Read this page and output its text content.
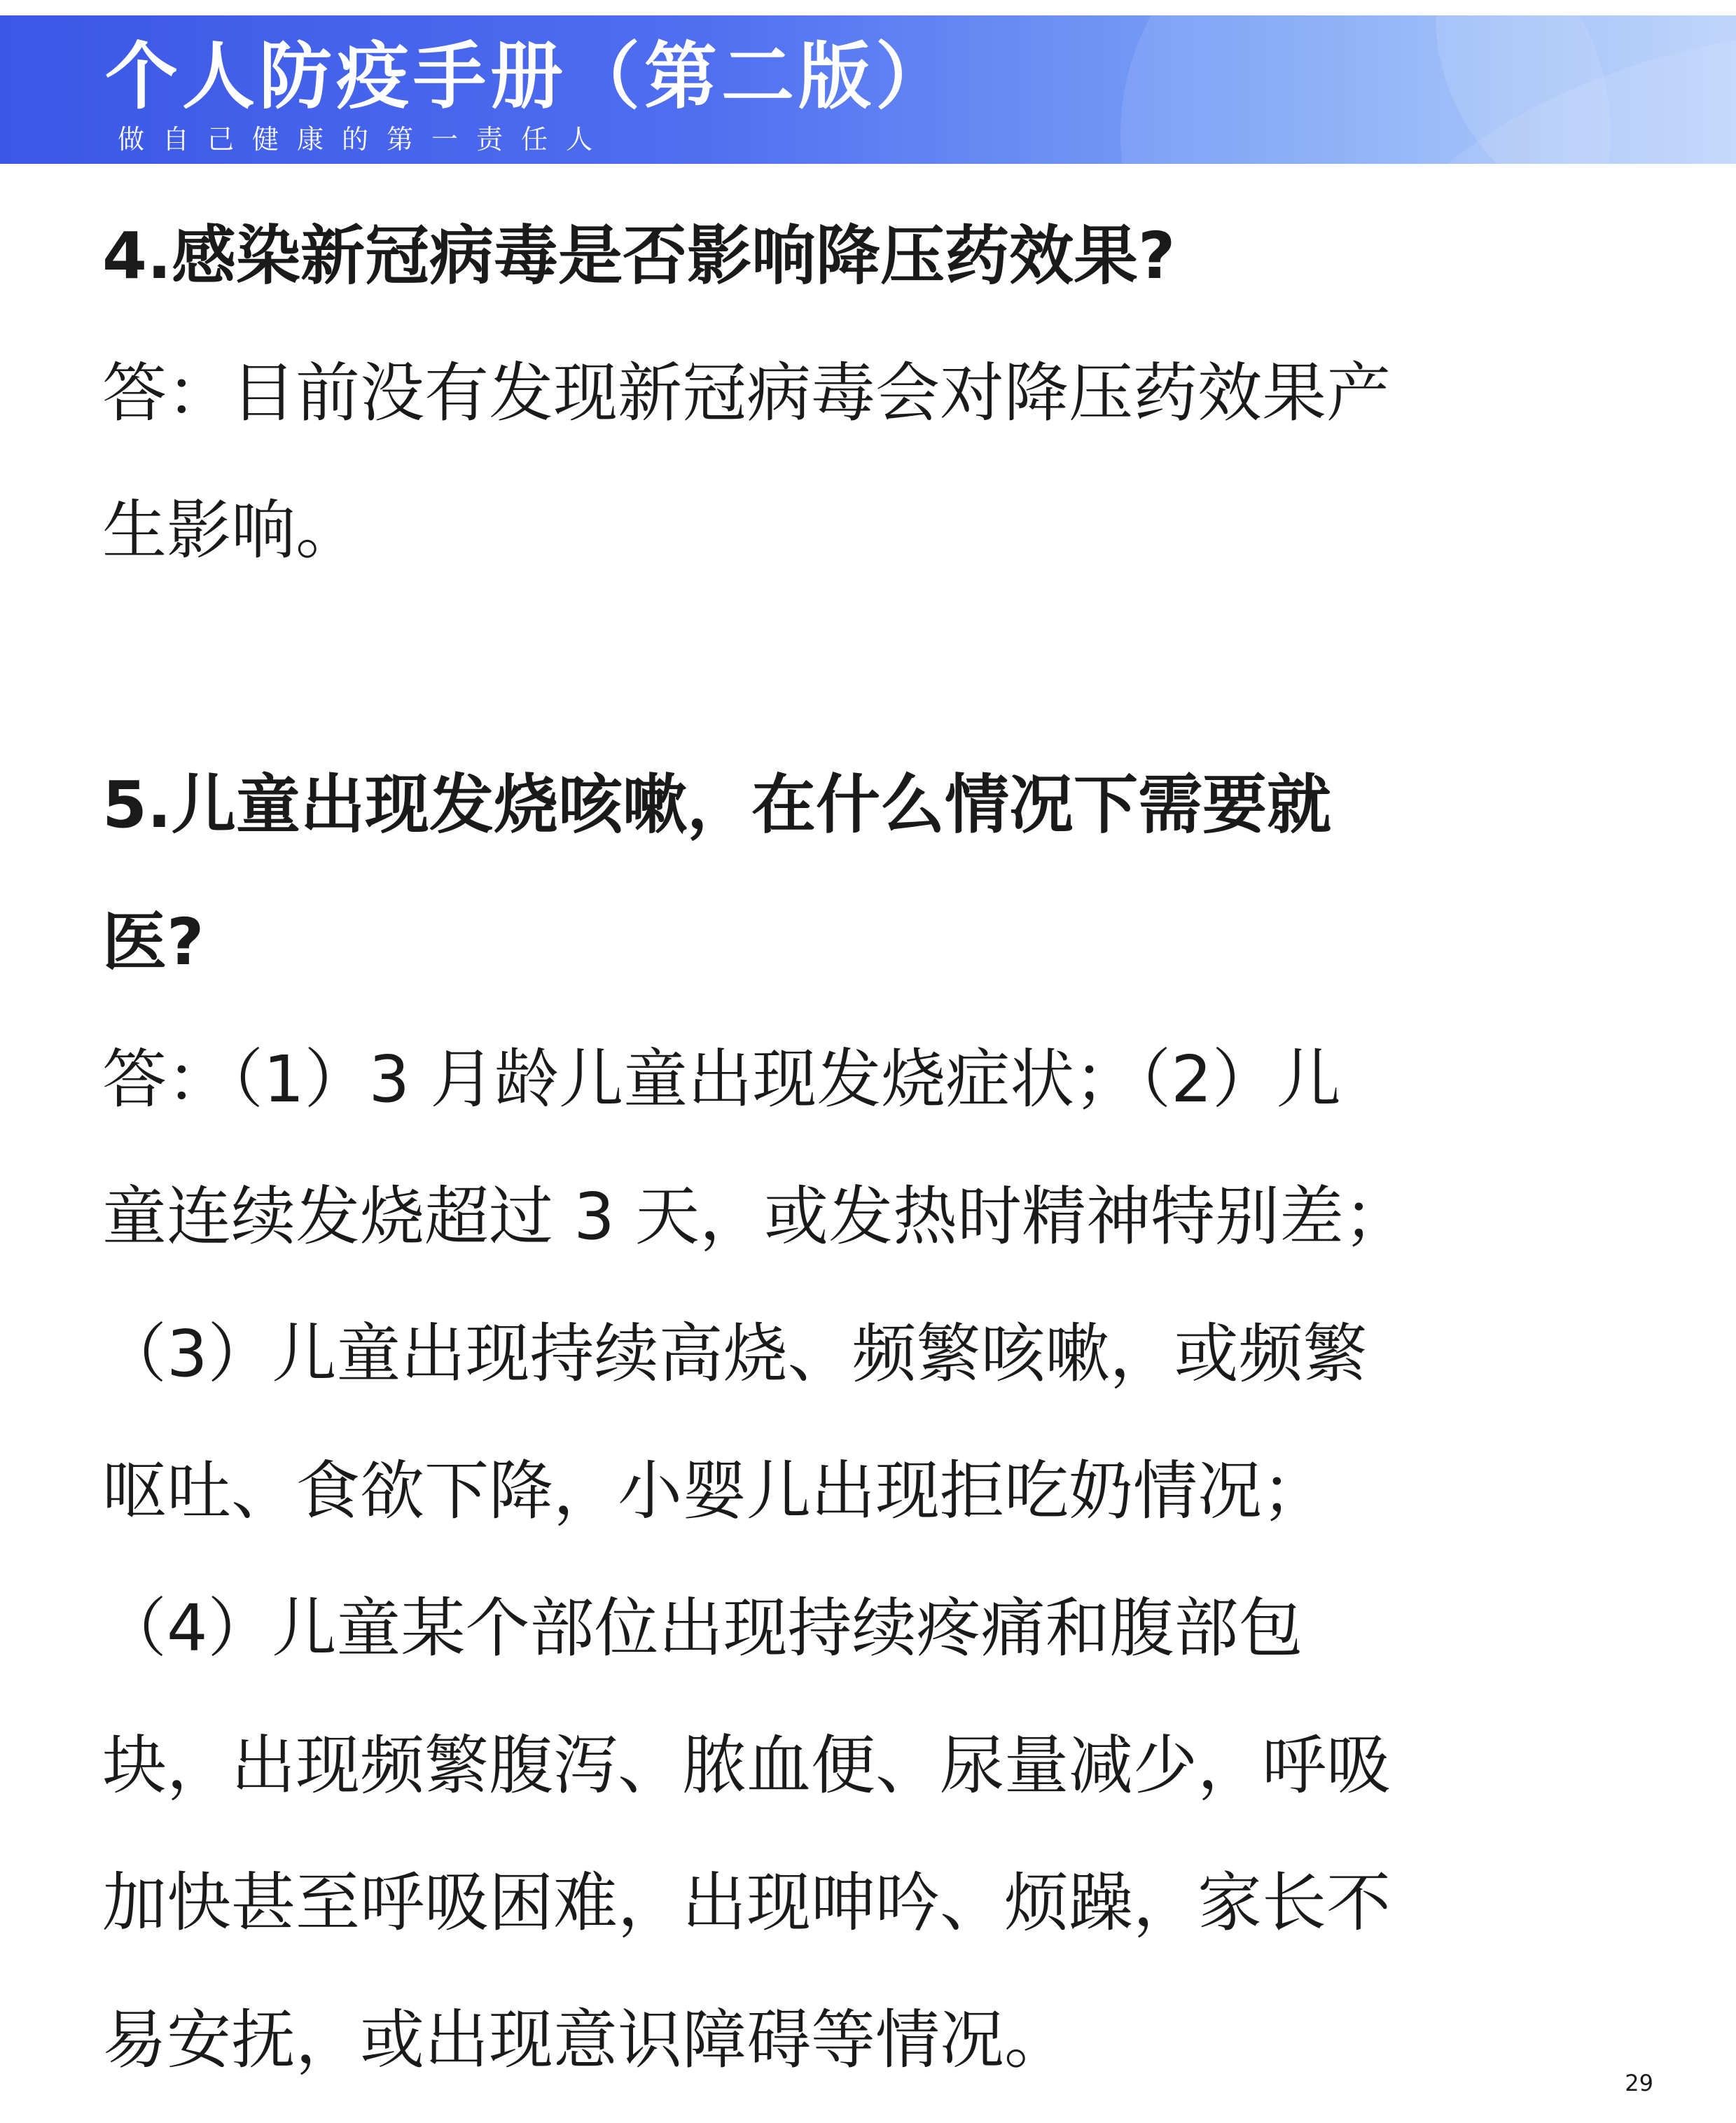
个人防疫手册（第二版）
做自己健康的第一责任人

4.感染新冠病毒是否影响降压药效果?

答：目前没有发现新冠病毒会对降压药效果产

生影响。

5.儿童出现发烧咳嗽，在什么情况下需要就

医?

答：（1）3 月龄儿童出现发烧症状；（2）儿

童连续发烧超过 3 天，或发热时精神特别差；

（3）儿童出现持续高烧、频繁咳嗽，或频繁

呕吐、食欲下降，小婴儿出现拒吃奶情况；

（4）儿童某个部位出现持续疼痛和腹部包

块，出现频繁腹泻、脓血便、尿量减少，呼吸

加快甚至呼吸困难，出现呻吟、烦躁，家长不

易安抚，或出现意识障碍等情况。

29
